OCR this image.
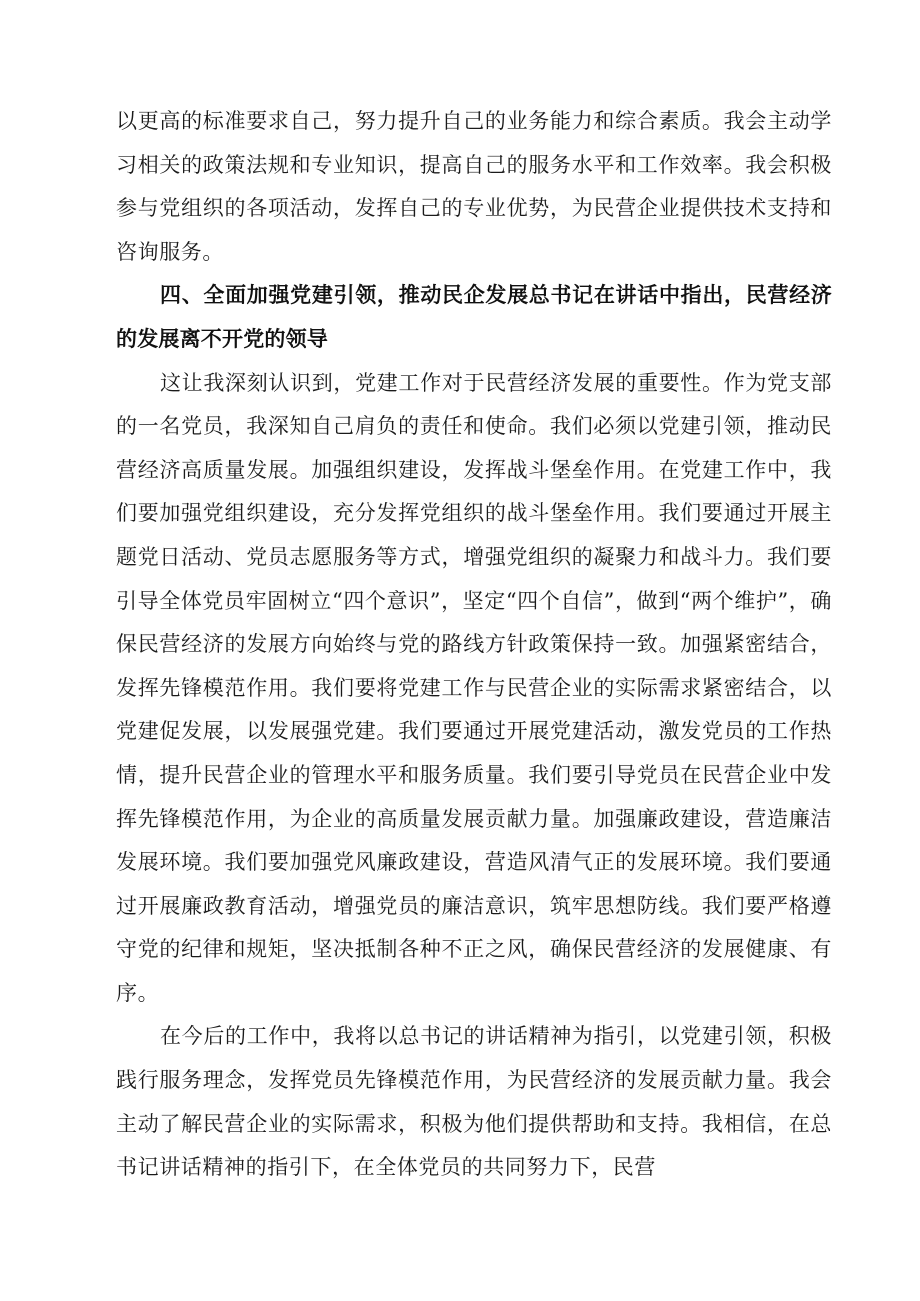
以更高的标准要求自己，努力提升自己的业务能力和综合素质。我会主动学习相关的政策法规和专业知识，提高自己的服务水平和工作效率。我会积极参与党组织的各项活动，发挥自己的专业优势，为民营企业提供技术支持和咨询服务。

四、全面加强党建引领，推动民企发展总书记在讲话中指出，民营经济的发展离不开党的领导

这让我深刻认识到，党建工作对于民营经济发展的重要性。作为党支部的一名党员，我深知自己肩负的责任和使命。我们必须以党建引领，推动民营经济高质量发展。加强组织建设，发挥战斗堡垒作用。在党建工作中，我们要加强党组织建设，充分发挥党组织的战斗堡垒作用。我们要通过开展主题党日活动、党员志愿服务等方式，增强党组织的凝聚力和战斗力。我们要引导全体党员牢固树立“四个意识”，坚定“四个自信”，做到“两个维护”，确保民营经济的发展方向始终与党的路线方针政策保持一致。加强紧密结合，发挥先锋模范作用。我们要将党建工作与民营企业的实际需求紧密结合，以党建促发展，以发展强党建。我们要通过开展党建活动，激发党员的工作热情，提升民营企业的管理水平和服务质量。我们要引导党员在民营企业中发挥先锋模范作用，为企业的高质量发展贡献力量。加强廉政建设，营造廉洁发展环境。我们要加强党风廉政建设，营造风清气正的发展环境。我们要通过开展廉政教育活动，增强党员的廉洁意识，筑牢思想防线。我们要严格遵守党的纪律和规矩，坚决抵制各种不正之风，确保民营经济的发展健康、有序。

在今后的工作中，我将以总书记的讲话精神为指引，以党建引领，积极践行服务理念，发挥党员先锋模范作用，为民营经济的发展贡献力量。我会主动了解民营企业的实际需求，积极为他们提供帮助和支持。我相信，在总书记讲话精神的指引下，在全体党员的共同努力下，民营
